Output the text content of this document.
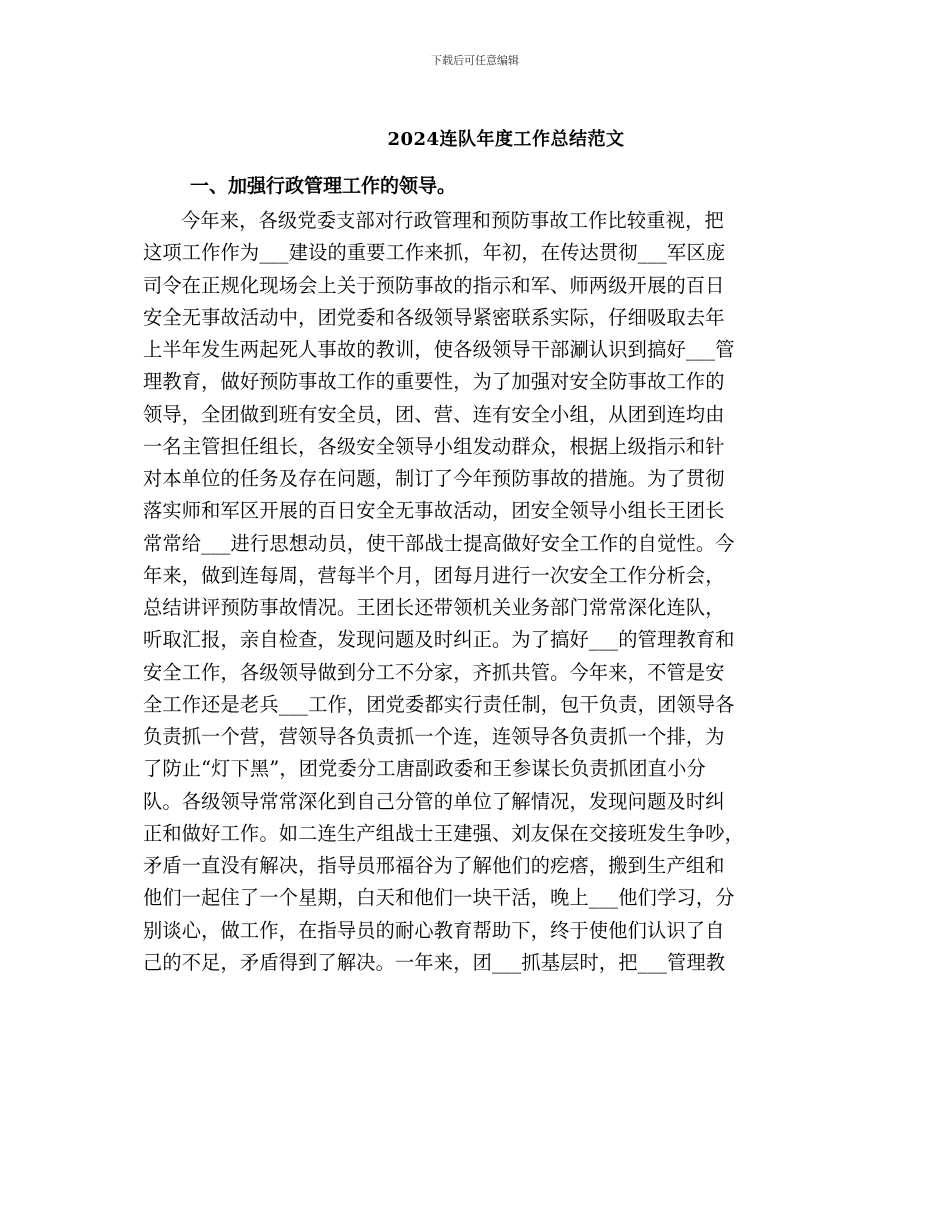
下载后可任意编辑
2024连队年度工作总结范文
一、加强行政管理工作的领导。
今年来，各级党委支部对行政管理和预防事故工作比较重视，把
这项工作作为___建设的重要工作来抓，年初，在传达贯彻___军区庞
司令在正规化现场会上关于预防事故的指示和军、师两级开展的百日
安全无事故活动中，团党委和各级领导紧密联系实际，仔细吸取去年
上半年发生两起死人事故的教训，使各级领导干部涮认识到搞好___管
理教育，做好预防事故工作的重要性，为了加强对安全防事故工作的
领导，全团做到班有安全员，团、营、连有安全小组，从团到连均由
一名主管担任组长，各级安全领导小组发动群众，根据上级指示和针
对本单位的任务及存在问题，制订了今年预防事故的措施。为了贯彻
落实师和军区开展的百日安全无事故活动，团安全领导小组长王团长
常常给___进行思想动员，使干部战士提高做好安全工作的自觉性。今
年来，做到连每周，营每半个月，团每月进行一次安全工作分析会，
总结讲评预防事故情况。王团长还带领机关业务部门常常深化连队，
听取汇报，亲自检查，发现问题及时纠正。为了搞好___的管理教育和
安全工作，各级领导做到分工不分家，齐抓共管。今年来，不管是安
全工作还是老兵___工作，团党委都实行责任制，包干负责，团领导各
负责抓一个营，营领导各负责抓一个连，连领导各负责抓一个排，为
了防止“灯下黑”，团党委分工唐副政委和王参谋长负责抓团直小分
队。各级领导常常深化到自己分管的单位了解情况，发现问题及时纠
正和做好工作。如二连生产组战士王建强、刘友保在交接班发生争吵，
矛盾一直没有解决，指导员邢福谷为了解他们的疙瘩，搬到生产组和
他们一起住了一个星期，白天和他们一块干活，晚上___他们学习，分
别谈心，做工作，在指导员的耐心教育帮助下，终于使他们认识了自
己的不足，矛盾得到了解决。一年来，团___抓基层时，把___管理教
